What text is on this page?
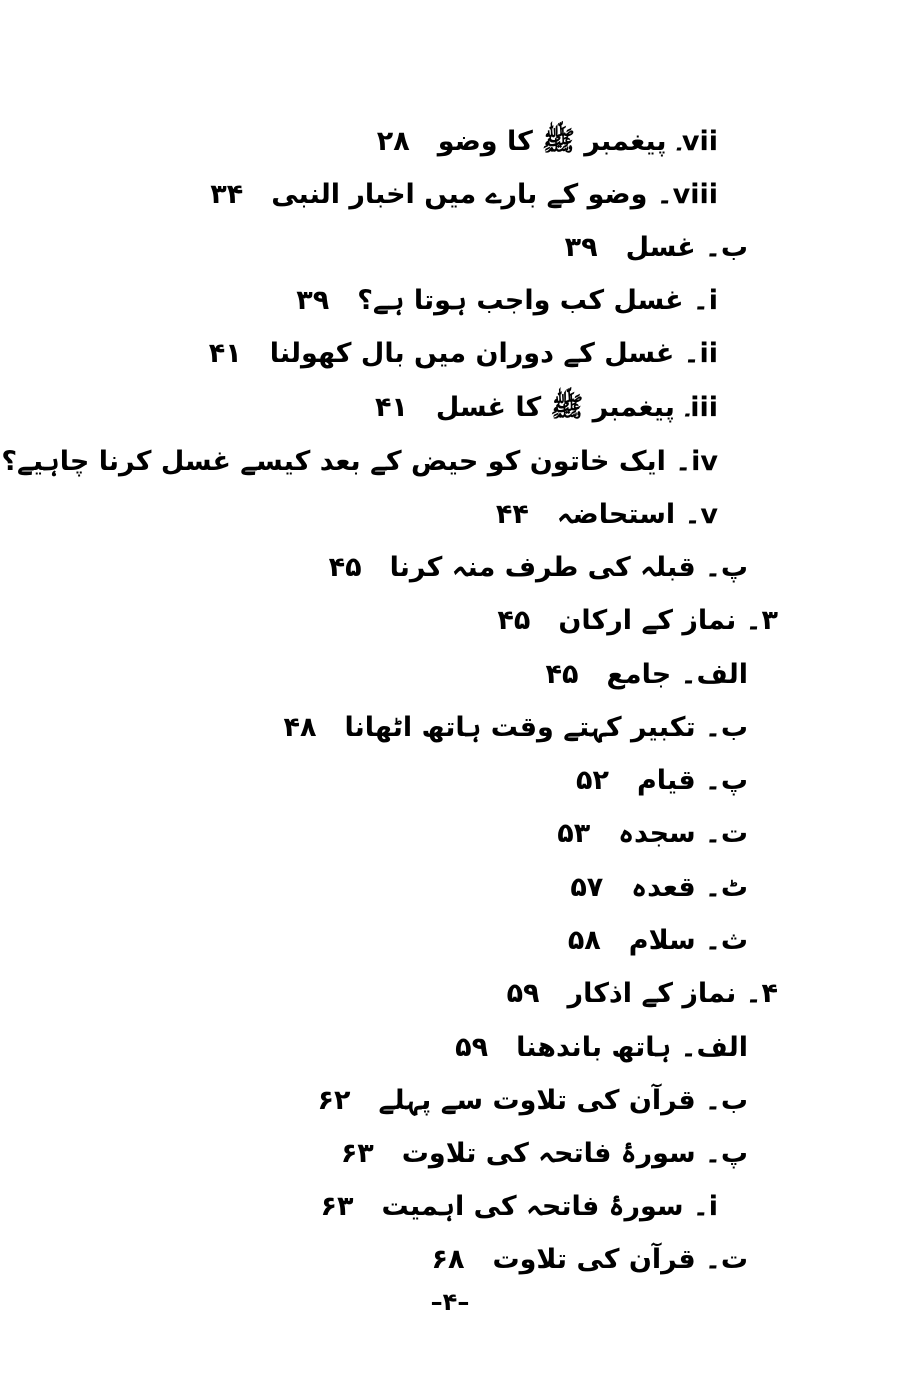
vii۔ پیغمبر ﷺ کا وضو۲۸
viii۔ وضو کے بارے میں اخبار النبی۳۴
ب۔ غسل۳۹
i۔ غسل کب واجب ہوتا ہے؟۳۹
ii۔ غسل کے دوران میں بال کھولنا۴۱
iii۔ پیغمبر ﷺ کا غسل۴۱
iv۔ ایک خاتون کو حیض کے بعد کیسے غسل کرنا چاہیے؟
v۔ استحاضہ۴۴
پ۔ قبلہ کی طرف منہ کرنا۴۵
۳۔ نماز کے ارکان۴۵
الف۔ جامع۴۵
ب۔ تکبیر کہتے وقت ہاتھ اٹھانا۴۸
پ۔ قیام۵۲
ت۔ سجدہ۵۳
ٹ۔ قعدہ۵۷
ث۔ سلام۵۸
۴۔ نماز کے اذکار۵۹
الف۔ ہاتھ باندھنا۵۹
ب۔ قرآن کی تلاوت سے پہلے۶۲
پ۔ سورۂ فاتحہ کی تلاوت۶۳
i۔ سورۂ فاتحہ کی اہمیت۶۳
ت۔ قرآن کی تلاوت۶۸
–۴–
